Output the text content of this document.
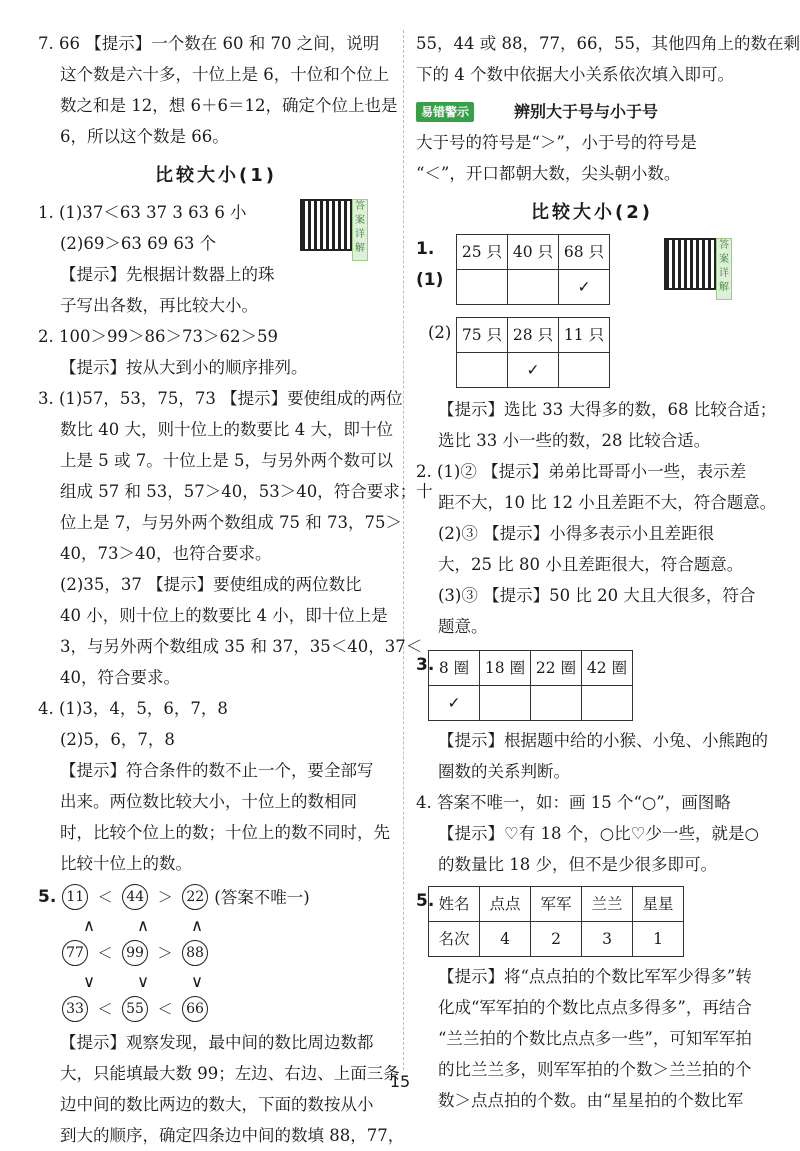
7. 66 【提示】一个数在 60 和 70 之间，说明
这个数是六十多，十位上是 6，十位和个位上
数之和是 12，想 6＋6＝12，确定个位上也是
6，所以这个数是 66。
比较大小(1)
答案详解
1. (1)37＜63 37 3 63 6 小
(2)69＞63 69 63 个
【提示】先根据计数器上的珠
子写出各数，再比较大小。
2. 100＞99＞86＞73＞62＞59
【提示】按从大到小的顺序排列。
3. (1)57，53，75，73 【提示】要使组成的两位
数比 40 大，则十位上的数要比 4 大，即十位
上是 5 或 7。十位上是 5，与另外两个数可以
组成 57 和 53，57＞40，53＞40，符合要求；十
位上是 7，与另外两个数组成 75 和 73，75＞
40，73＞40，也符合要求。
(2)35，37 【提示】要使组成的两位数比
40 小，则十位上的数要比 4 小，即十位上是
3，与另外两个数组成 35 和 37，35＜40，37＜
40，符合要求。
4. (1)3，4，5，6，7，8
(2)5，6，7，8
【提示】符合条件的数不止一个，要全部写
出来。两位数比较大小，十位上的数相同
时，比较个位上的数；十位上的数不同时，先
比较十位上的数。
5. 11 ＜ 44 ＞ 22 (答案不唯一)
∧	∧	∧
77 ＜ 99 ＞ 88
∨	∨	∨
33 ＜ 55 ＜ 66
【提示】观察发现，最中间的数比周边数都
大，只能填最大数 99；左边、右边、上面三条
边中间的数比两边的数大，下面的数按从小
到大的顺序，确定四条边中间的数填 88，77，
55，44 或 88，77，66，55，其他四角上的数在剩
下的 4 个数中依据大小关系依次填入即可。
易错警示	辨别大于号与小于号
大于号的符号是“＞”，小于号的符号是
“＜”，开口都朝大数，尖头朝小数。
比较大小(2)
答案详解
1. (1)
25 只	40 只	68 只
		✓
(2) 75 只	28 只	11 只
	✓	
【提示】选比 33 大得多的数，68 比较合适；
选比 33 小一些的数，28 比较合适。
2. (1)② 【提示】弟弟比哥哥小一些，表示差
距不大，10 比 12 小且差距不大，符合题意。
(2)③ 【提示】小得多表示小且差距很
大，25 比 80 小且差距很大，符合题意。
(3)③ 【提示】50 比 20 大且大很多，符合
题意。
3. 8 圈	18 圈	22 圈	42 圈
✓			
【提示】根据题中给的小猴、小兔、小熊跑的
圈数的关系判断。
4. 答案不唯一，如：画 15 个“○”，画图略
【提示】♡有 18 个，○比♡少一些，就是○
的数量比 18 少，但不是少很多即可。
5. 姓名	点点	军军	兰兰	星星
名次	4	2	3	1
【提示】将“点点拍的个数比军军少得多”转
化成“军军拍的个数比点点多得多”，再结合
“兰兰拍的个数比点点多一些”，可知军军拍
的比兰兰多，则军军拍的个数＞兰兰拍的个
数＞点点拍的个数。由“星星拍的个数比军
15
